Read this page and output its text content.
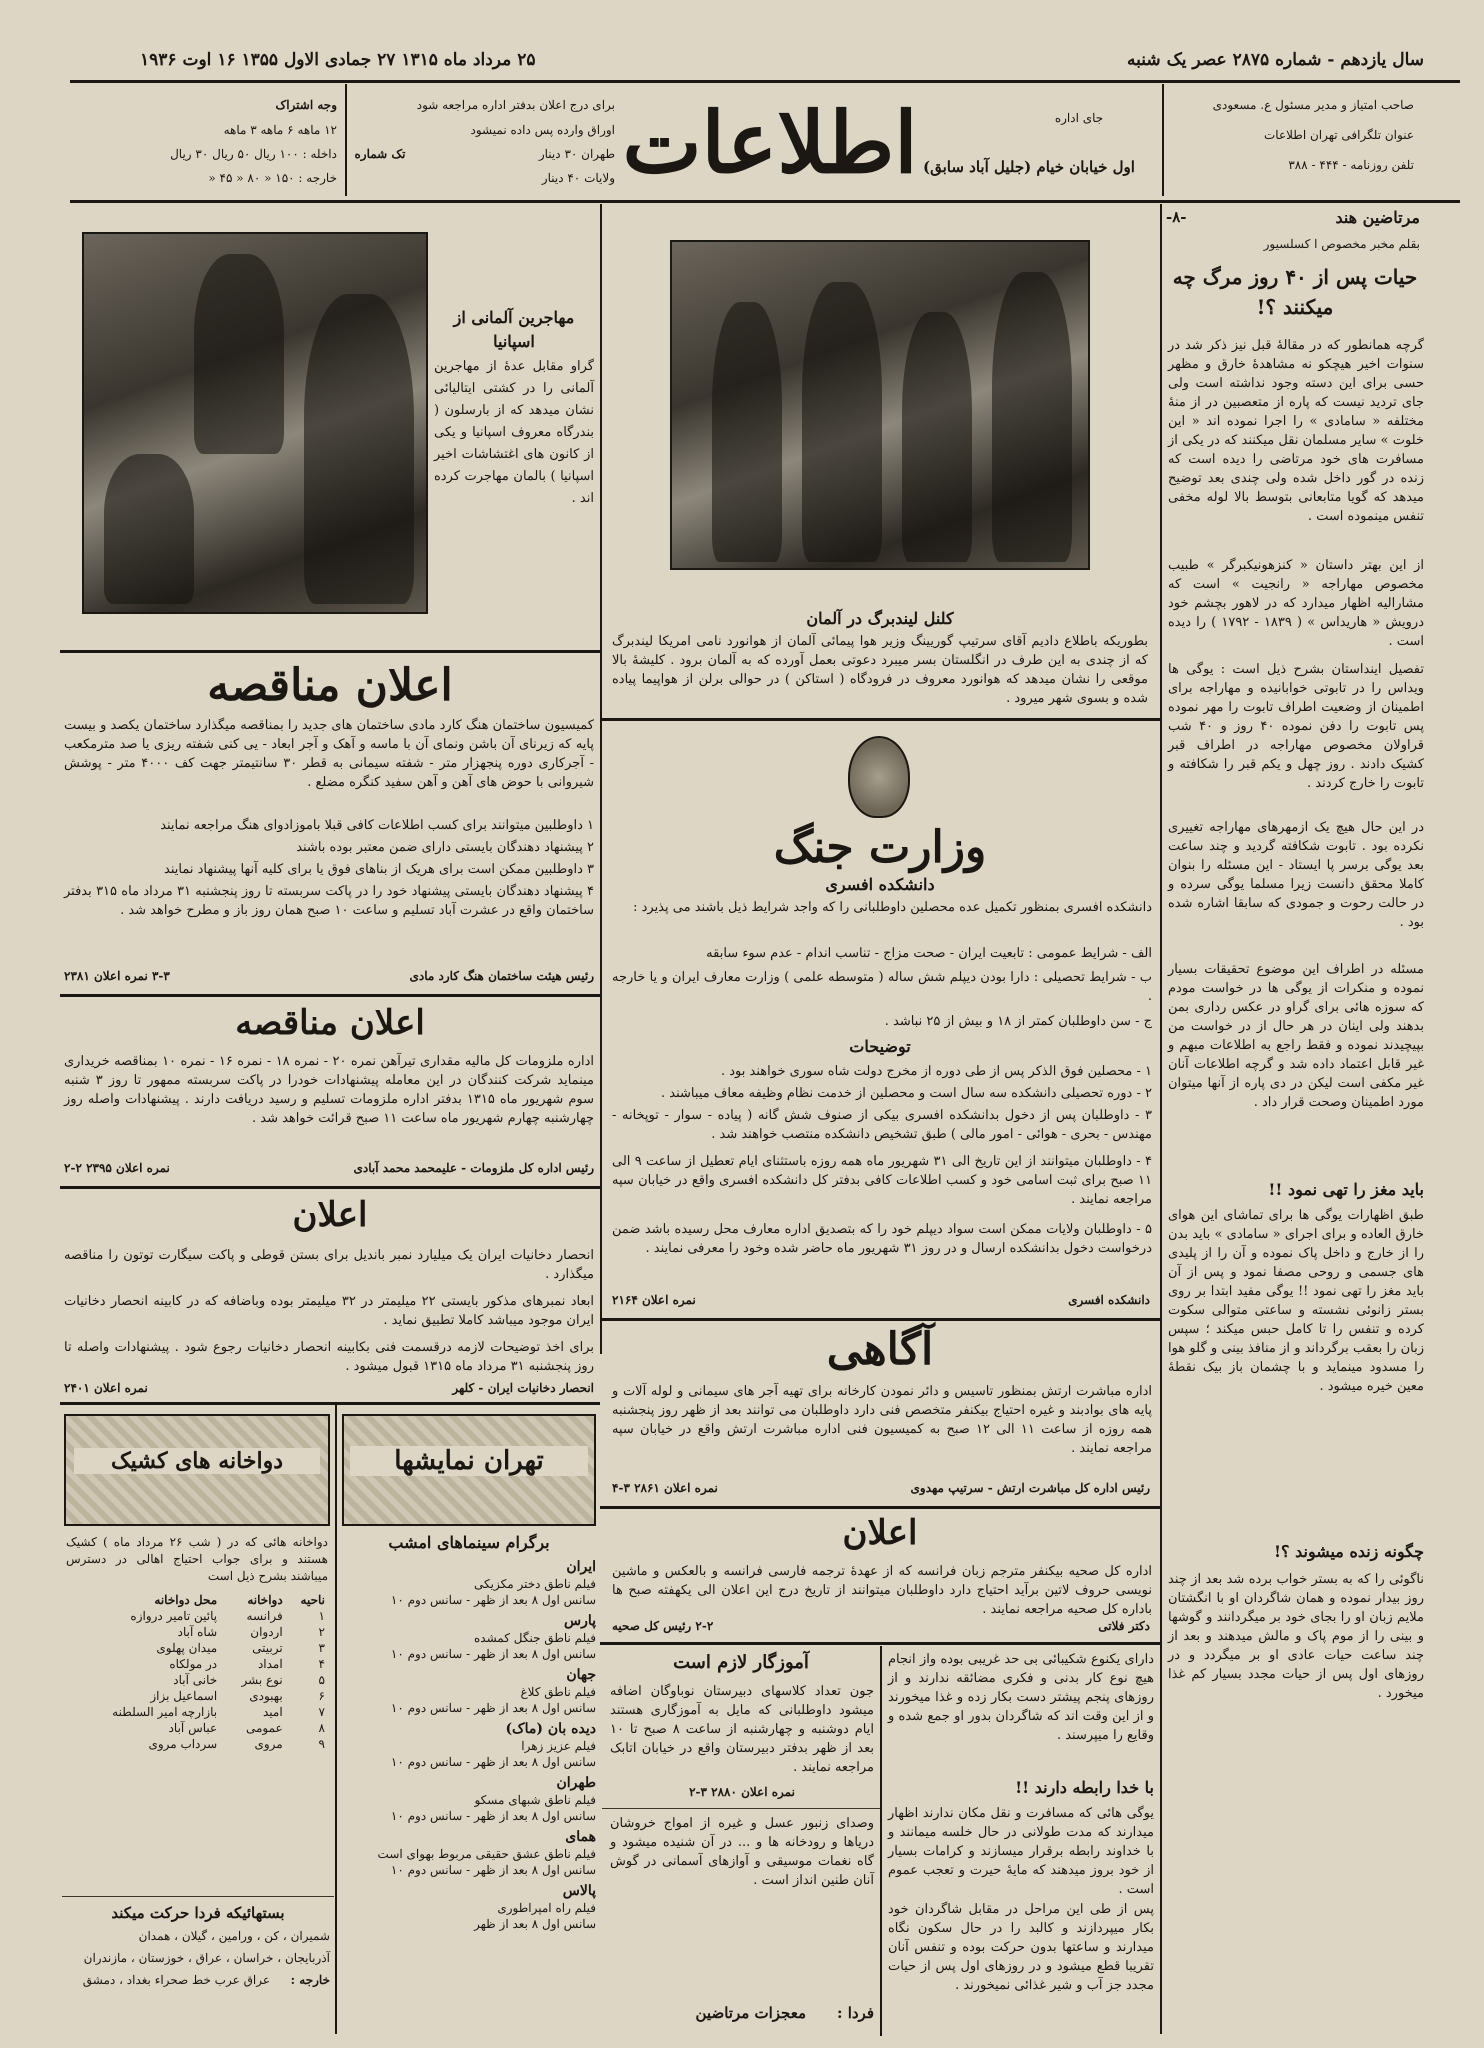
سال یازدهم - شماره ۲۸۷۵ عصر یک شنبه
۲۵ مرداد ماه ۱۳۱۵ ۲۷ جمادی الاول ۱۳۵۵ ۱۶ اوت ۱۹۳۶
صاحب امتیاز و مدیر مسئول ع. مسعودی
عنوان تلگرافی تهران اطلاعات
تلفن روزنامه - ۴۴۴ - ۳۸۸
جای اداره
اطلاعات اول خیابان خیام (جلیل آباد سابق)
برای درج اعلان بدفتر اداره مراجعه شود
اوراق وارده پس داده نمیشود
تک شماره	طهران ۳۰ دینار
ولایات ۴۰ دینار
وجه اشتراک
۱۲ ماهه ۶ ماهه ۳ ماهه
داخله : ۱۰۰ ریال ۵۰ ریال ۳۰ ریال
خارجه : ۱۵۰ « ۸۰ « ۴۵ «
مرتاضین هند
-۸-
بقلم مخبر مخصوص ا کسلسیور
حیات پس از ۴۰ روز مرگ چه میکنند ؟!
گرچه همانطور که در مقالهٔ قبل نیز ذکر شد در سنوات اخیر هیچکو نه مشاهدهٔ خارق و مظهر حسی برای این دسته وجود نداشته است ولی جای تردید نیست که پاره از متعصبین در از منهٔ مختلفه « سامادی » را اجرا نموده اند « این خلوت » سایر مسلمان نقل میکنند که در یکی از مسافرت های خود مرتاضی را دیده است که زنده در گور داخل شده ولی چندی بعد توضیح میدهد که گویا متابعانی بتوسط بالا لوله مخفی تنفس مینموده است .
از این بهتر داستان « کنزهونیکبرگر » طبیب مخصوص مهاراجه « رانجیت » است که مشارالیه اظهار میدارد که در لاهور بچشم خود درویش « هاریداس » ( ۱۸۳۹ - ۱۷۹۲ ) را دیده است .
تفصیل اینداستان بشرح ذیل است : یوگی ها ویداس را در تابوتی خوابانیده و مهاراجه برای اطمینان از وضعیت اطراف تابوت را مهر نموده پس تابوت را دفن نموده ۴۰ روز و ۴۰ شب قراولان مخصوص مهاراجه در اطراف قبر کشیک دادند . روز چهل و یکم قبر را شکافته و تابوت را خارج کردند .
در این حال هیچ یک ازمهرهای مهاراجه تغییری نکرده بود . تابوت شکافته گردید و چند ساعت بعد یوگی برسر پا ایستاد - این مسئله را بنوان کاملا محقق دانست زیرا مسلما یوگی سرده و در حالت رحوت و جمودی که سابقا اشاره شده بود .
مسئله در اطراف این موضوع تحقیقات بسیار نموده و منکرات از یوگی ها در خواست مودم که سوزه هائی برای گراو در عکس رداری بمن بدهند ولی اینان در هر حال از در خواست من بپیچیدند نموده و فقط راجع به اطلاعات مبهم و غیر قابل اعتماد داده شد و گرچه اطلاعات آنان غیر مکفی است لیکن در دی پاره از آنها میتوان مورد اطمینان وصحت قرار داد .
باید مغز را تهی نمود !!
طبق اظهارات یوگی ها برای تماشای این هوای خارق العاده و برای اجرای « سامادی » باید بدن را از خارج و داخل پاک نموده و آن را از پلیدی های جسمی و روحی مصفا نمود و پس از آن باید مغز را تهی نمود !! یوگی مفید ابتدا بر روی بستر زانوئی نشسته و ساعتی متوالی سکوت کرده و تنفس را تا کامل حبس میکند ؛ سپس زبان را بعقب برگرداند و از منافذ بینی و گلو هوا را مسدود مینماید و با چشمان باز بیک نقطهٔ معین خیره میشود .
چگونه زنده میشوند ؟!
ناگوئی را که به بستر خواب برده شد بعد از چند روز بیدار نموده و همان شاگردان او با انگشتان ملایم زبان او را بجای خود بر میگردانند و گوشها و بینی را از موم پاک و مالش میدهند و بعد از چند ساعت حیات عادی او بر میگردد و در روزهای اول پس از حیات مجدد بسیار کم غذا میخورد .
کلنل لیندبرگ در آلمان
بطوریکه باطلاع دادیم آقای سرتیپ گوریینگ وزیر هوا پیمائی آلمان از هوانورد نامی امریکا لیندبرگ که از چندی به این طرف در انگلستان بسر میبرد دعوتی بعمل آورده که به آلمان برود . کلیشهٔ بالا موقعی را نشان میدهد که هوانورد معروف در فرودگاه ( استاکن ) در حوالی برلن از هواپیما پیاده شده و بسوی شهر میرود .
مهاجرین آلمانی از اسپانیا
گراو مقابل عدهٔ از مهاجرین آلمانی را در کشتی ایتالیائی نشان میدهد که از بارسلون ( بندرگاه معروف اسپانیا و یکی از کانون های اغتشاشات اخیر اسپانیا ) بالمان مهاجرت کرده اند .
اعلان مناقصه
کمیسیون ساختمان هنگ کارد مادی ساختمان های جدید را بمناقصه میگذارد ساختمان یکصد و بیست پایه که زیرنای آن باشن ونمای آن با ماسه و آهک و آجر ابعاد - یی کنی شفته ریزی یا صد مترمکعب - آجرکاری دوره پنجهزار متر - شفته سیمانی به قطر ۳۰ سانتیمتر جهت کف ۴۰۰۰ متر - پوشش شیروانی با حوض های آهن و آهن سفید کنگره مضلع .
۱ داوطلبین میتوانند برای کسب اطلاعات کافی قبلا باموزادوای هنگ مراجعه نمایند
۲ پیشنهاد دهندگان بایستی دارای ضمن معتبر بوده باشند
۳ داوطلبین ممکن است برای هریک از بناهای فوق یا برای کلیه آنها پیشنهاد نمایند
۴ پیشنهاد دهندگان بایستی پیشنهاد خود را در پاکت سربسته تا روز پنجشنبه ۳۱ مرداد ماه ۳۱۵ بدفتر ساختمان واقع در عشرت آباد تسلیم و ساعت ۱۰ صبح همان روز باز و مطرح خواهد شد .
رئیس هیئت ساختمان هنگ کارد مادی
۳-۳ نمره اعلان ۲۳۸۱
اعلان مناقصه
اداره ملزومات کل مالیه مقداری تیرآهن نمره ۲۰ - نمره ۱۸ - نمره ۱۶ - نمره ۱۰ بمناقصه خریداری مینماید شرکت کنندگان در این معامله پیشنهادات خودرا در پاکت سربسته ممهور تا روز ۳ شنبه سوم شهریور ماه ۱۳۱۵ بدفتر اداره ملزومات تسلیم و رسید دریافت دارند . پیشنهادات واصله روز چهارشنبه چهارم شهریور ماه ساعت ۱۱ صبح قرائت خواهد شد .
رئیس اداره کل ملزومات - علیمحمد محمد آبادی
نمره اعلان ۲۳۹۵ ۲-۲
اعلان
انحصار دخانیات ایران یک میلیارد نمبر باندیل برای بستن قوطی و پاکت سیگارت توتون را مناقصه میگذارد .
ابعاد نمبرهای مذکور بایستی ۲۲ میلیمتر در ۳۲ میلیمتر بوده وباضافه که در کابینه انحصار دخانیات ایران موجود میباشد کاملا تطبیق نماید .
برای اخذ توضیحات لازمه درقسمت فنی بکابینه انحصار دخانیات رجوع شود . پیشنهادات واصله تا روز پنجشنبه ۳۱ مرداد ماه ۱۳۱۵ قبول میشود .
انحصار دخانیات ایران - کلهر
نمره اعلان ۲۴۰۱
وزارت جنگ
دانشکده افسری
دانشکده افسری بمنظور تکمیل عده محصلین داوطلبانی را که واجد شرایط ذیل باشند می پذیرد :
الف - شرایط عمومی : تابعیت ایران - صحت مزاج - تناسب اندام - عدم سوء سابقه
ب - شرایط تحصیلی : دارا بودن دیپلم شش ساله ( متوسطه علمی ) وزارت معارف ایران و یا خارجه .
ج - سن داوطلبان کمتر از ۱۸ و بیش از ۲۵ نباشد .
توضیحات
۱ - محصلین فوق الذکر پس از طی دوره از مخرج دولت شاه سوری خواهند بود .
۲ - دوره تحصیلی دانشکده سه سال است و محصلین از خدمت نظام وظیفه معاف میباشند .
۳ - داوطلبان پس از دخول بدانشکده افسری بیکی از صنوف شش گانه ( پیاده - سوار - توپخانه - مهندس - بحری - هوائی - امور مالی ) طبق تشخیص دانشکده منتصب خواهند شد .
۴ - داوطلبان میتوانند از این تاریخ الی ۳۱ شهریور ماه همه روزه باستثنای ایام تعطیل از ساعت ۹ الی ۱۱ صبح برای ثبت اسامی خود و کسب اطلاعات کافی بدفتر کل دانشکده افسری واقع در خیابان سپه مراجعه نمایند .
۵ - داوطلبان ولایات ممکن است سواد دیپلم خود را که بتصدیق اداره معارف محل رسیده باشد ضمن درخواست دخول بدانشکده ارسال و در روز ۳۱ شهریور ماه حاضر شده وخود را معرفی نمایند .
دانشکده افسری
نمره اعلان ۲۱۶۴
آگاهی
اداره مباشرت ارتش بمنظور تاسیس و دائر نمودن کارخانه برای تهیه آجر های سیمانی و لوله آلات و پایه های بوادبند و غیره احتیاج بیکنفر متخصص فنی دارد داوطلبان می توانند بعد از ظهر روز پنجشنبه همه روزه از ساعت ۱۱ الی ۱۲ صبح به کمیسیون فنی اداره مباشرت ارتش واقع در خیابان سپه مراجعه نمایند .
رئیس اداره کل مباشرت ارتش - سرتیپ مهدوی
نمره اعلان ۲۸۶۱ ۳-۴
اعلان
اداره کل صحیه بیکنفر مترجم زبان فرانسه که از عهدهٔ ترجمه فارسی فرانسه و بالعکس و ماشین نویسی حروف لاتین برآید احتیاج دارد داوطلبان میتوانند از تاریخ درج این اعلان الی یکهفته صبح ها باداره کل صحیه مراجعه نمایند .
دکتر فلاتی
۲-۲ رئیس کل صحیه
دارای یکنوع شکیبائی بی حد غریبی بوده واز انجام هیچ نوع کار بدنی و فکری مضائقه ندارند و از روزهای پنجم پیشتر دست بکار زده و غذا میخورند و از این وقت اند که شاگردان بدور او جمع شده و وقایع را میپرسند .
با خدا رابطه دارند !!
یوگی هائی که مسافرت و نقل مکان ندارند اظهار میدارند که مدت طولانی در حال خلسه میمانند و با خداوند رابطه برقرار میسازند و کرامات بسیار از خود بروز میدهند که مایهٔ حیرت و تعجب عموم است .
پس از طی این مراحل در مقابل شاگردان خود بکار میپردازند و کالبد را در حال سکون نگاه میدارند و ساعتها بدون حرکت بوده و تنفس آنان تقریبا قطع میشود و در روزهای اول پس از حیات مجدد جز آب و شیر غذائی نمیخورند .
آموزگار لازم است
جون تعداد کلاسهای دبیرستان نوباوگان اضافه میشود داوطلبانی که مایل به آموزگاری هستند ایام دوشنبه و چهارشنبه از ساعت ۸ صبح تا ۱۰ بعد از ظهر بدفتر دبیرستان واقع در خیابان اتابک مراجعه نمایند .
نمره اعلان ۲۸۸۰ ۳-۲
وصدای زنبور عسل و غیره از امواج خروشان دریاها و رودخانه ها و ... در آن شنیده میشود و گاه نغمات موسیقی و آوازهای آسمانی در گوش آنان طنین انداز است .
فردا :
معجزات مرتاضین
تهران نمایشها
برگرام سینماهای امشب
ایران
فیلم ناطق دختر مکزیکی
سانس اول ۸ بعد از ظهر - سانس دوم ۱۰
پارس
فیلم ناطق جنگل کمشده
سانس اول ۸ بعد از ظهر - سانس دوم ۱۰
جهان
فیلم ناطق کلاغ
سانس اول ۸ بعد از ظهر - سانس دوم ۱۰
دیده بان (ماک)
فیلم عزیز زهرا
سانس اول ۸ بعد از ظهر - سانس دوم ۱۰
طهران
فیلم ناطق شبهای مسکو
سانس اول ۸ بعد از ظهر - سانس دوم ۱۰
همای
فیلم ناطق عشق حقیقی مربوط بهوای است
سانس اول ۸ بعد از ظهر - سانس دوم ۱۰
پالاس
فیلم راه امپراطوری
سانس اول ۸ بعد از ظهر
دواخانه های کشیک
دواخانه هائی که در ( شب ۲۶ مرداد ماه ) کشیک هستند و برای جواب احتیاج اهالی در دسترس میباشند بشرح ذیل است
ناحیه	دواخانه	محل دواخانه
۱	فرانسه	پائین تامیر دروازه
۲	اردوان	شاه آباد
۳	تربیتی	میدان پهلوی
۴	امداد	در مولکاه
۵	نوع بشر	خانی آباد
۶	بهبودی	اسماعیل بزاز
۷	امید	بازارچه امیر السلطنه
۸	عمومی	عباس آباد
۹	مروی	سرداب مروی
بستهائیکه فردا حرکت میکند
شمیران ، کن ، ورامین ، گیلان ، همدان
آذربایجان ، خراسان ، عراق ، خوزستان ، مازندران
خارجه :
عراق عرب خط صحراء بغداد ، دمشق
